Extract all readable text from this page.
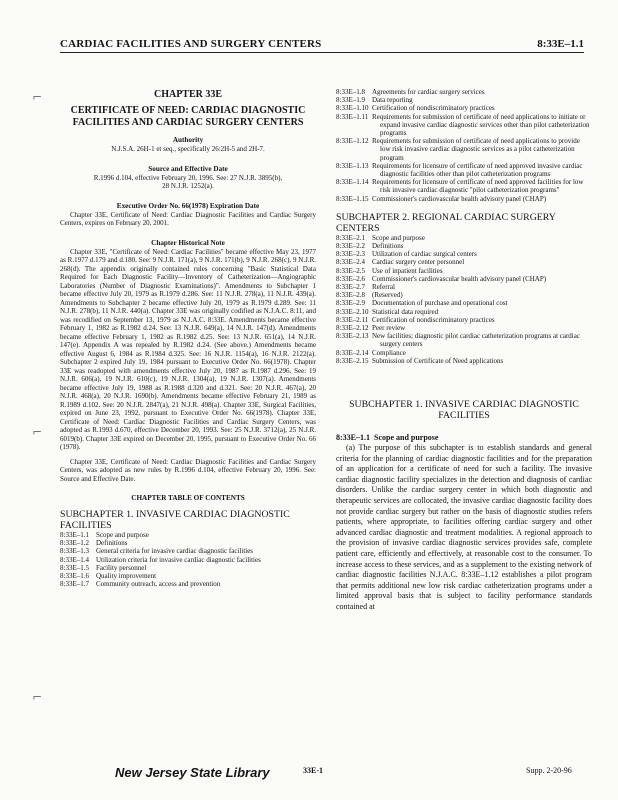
CARDIAC FACILITIES AND SURGERY CENTERS	8:33E–1.1
⌐
⌐
⌐

CHAPTER 33E

CERTIFICATE OF NEED: CARDIAC DIAGNOSTIC FACILITIES AND CARDIAC SURGERY CENTERS

Authority

N.J.S.A. 26H-1 et seq., specifically 26:2H-5 and 2H-7.

Source and Effective Date

R.1996 d.104, effective February 20, 1996. See: 27 N.J.R. 3895(b), 28 N.J.R. 1252(a).

Executive Order No. 66(1978) Expiration Date

Chapter 33E, Certificate of Need: Cardiac Diagnostic Facilities and Cardiac Surgery Centers, expires on February 20, 2001.

Chapter Historical Note

Chapter 33E, "Certificate of Need: Cardiac Facilities" became effective May 23, 1977 as R.1977 d.179 and d.180. See: 9 N.J.R. 171(a), 9 N.J.R. 171(b), 9 N.J.R. 268(c), 9 N.J.R. 268(d). The appendix originally contained rules concerning "Basic Statistical Data Required for Each Diagnostic Facility—Inventory of Catheterization—Angiographic Laboratories (Number of Diagnostic Examinations)". Amendments to Subchapter 1 became effective July 20, 1979 as R.1979 d.286. See: 11 N.J.R. 278(a), 11 N.J.R. 439(a). Amendments to Subchapter 2 became effective July 20, 1979 as R.1979 d.289. See: 11 N.J.R. 278(b), 11 N.J.R. 440(a). Chapter 33E was originally codified as N.J.A.C. 8:11, and was recodified on September 13, 1979 as N.J.A.C. 8:33E. Amendments became effective February 1, 1982 as R.1982 d.24. See: 13 N.J.R. 649(a), 14 N.J.R. 147(d). Amendments became effective February 1, 1982 as R.1982 d.25. See: 13 N.J.R. 651(a), 14 N.J.R. 147(e). Appendix A was repealed by R.1982 d.24. (See above.) Amendments became effective August 6, 1984 as R.1984 d.325. See: 16 N.J.R. 1154(a), 16 N.J.R. 2122(a). Subchapter 2 expired July 19, 1984 pursuant to Executive Order No. 66(1978). Chapter 33E was readopted with amendments effective July 20, 1987 as R.1987 d.296. See: 19 N.J.R. 606(a), 19 N.J.R. 610(c), 19 N.J.R. 1304(a), 19 N.J.R. 1307(a). Amendments became effective July 19, 1988 as R.1988 d.320 and d.321. See: 20 N.J.R. 467(a), 20 N.J.R. 468(a), 20 N.J.R. 1690(b). Amendments became effective February 21, 1989 as R.1989 d.102. See: 20 N.J.R. 2847(a), 21 N.J.R. 498(a). Chapter 33E, Surgical Facilities, expired on June 23, 1992, pursuant to Executive Order No. 66(1978). Chapter 33E, Certificate of Need: Cardiac Diagnostic Facilities and Cardiac Surgery Centers, was adopted as R.1993 d.670, effective December 20, 1993. See: 25 N.J.R. 3712(a), 25 N.J.R. 6019(b). Chapter 33E expired on December 20, 1995, pursuant to Executive Order No. 66 (1978).

Chapter 33E, Certificate of Need: Cardiac Diagnostic Facilities and Cardiac Surgery Centers, was adopted as new rules by R.1996 d.104, effective February 20, 1996. See: Source and Effective Date.

CHAPTER TABLE OF CONTENTS

SUBCHAPTER 1. INVASIVE CARDIAC DIAGNOSTIC FACILITIES

8:33E–1.1	Scope and purpose
8:33E–1.2	Definitions
8:33E–1.3	General criteria for invasive cardiac diagnostic facilities
8:33E–1.4	Utilization criteria for invasive cardiac diagnostic facilities
8:33E–1.5	Facility personnel
8:33E–1.6	Quality improvement
8:33E–1.7	Community outreach, access and prevention
8:33E–1.8	Agreements for cardiac surgery services
8:33E–1.9	Data reporting
8:33E–1.10 Certification of nondiscriminatory practices
8:33E–1.11 Requirements for submission of certificate of need applications to initiate or expand invasive cardiac diagnostic services other than pilot catheterization programs
8:33E–1.12 Requirements for submission of certificate of need applications to provide low risk invasive cardiac diagnostic services as a pilot catheterization program
8:33E–1.13 Requirements for licensure of certificate of need approved invasive cardiac diagnostic facilities other than pilot catheterization programs
8:33E–1.14 Requirements for licensure of certificate of need approved facilities for low risk invasive cardiac diagnostic "pilot catheterization programs"
8:33E–1.15 Commissioner's cardiovascular health advisory panel (CHAP)

SUBCHAPTER 2. REGIONAL CARDIAC SURGERY CENTERS

8:33E–2.1	Scope and purpose
8:33E–2.2	Definitions
8:33E–2.3	Utilization of cardiac surgical centers
8:33E–2.4	Cardiac surgery center personnel
8:33E–2.5	Use of inpatient facilities
8:33E–2.6	Commissioner's cardiovascular health advisory panel (CHAP)
8:33E–2.7	Referral
8:33E–2.8	(Reserved)
8:33E–2.9	Documentation of purchase and operational cost
8:33E–2.10 Statistical data required
8:33E–2.11 Certification of nondiscriminatory practices
8:33E–2.12 Peer review
8:33E–2.13 New facilities; diagnostic pilot cardiac catheterization programs at cardiac surgery centers
8:33E–2.14 Compliance
8:33E–2.15 Submission of Certificate of Need applications

SUBCHAPTER 1. INVASIVE CARDIAC DIAGNOSTIC FACILITIES

8:33E–1.1 Scope and purpose

(a) The purpose of this subchapter is to establish standards and general criteria for the planning of cardiac diagnostic facilities and for the preparation of an application for a certificate of need for such a facility. The invasive cardiac diagnostic facility specializes in the detection and diagnosis of cardiac disorders. Unlike the cardiac surgery center in which both diagnostic and therapeutic services are collocated, the invasive cardiac diagnostic facility does not provide cardiac surgery but rather on the basis of diagnostic studies refers patients, where appropriate, to facilities offering cardiac surgery and other advanced cardiac diagnostic and treatment modalities. A regional approach to the provision of invasive cardiac diagnostic services provides safe, complete patient care, efficiently and effectively, at reasonable cost to the consumer. To increase access to these services, and as a supplement to the existing network of cardiac diagnostic facilities N.J.A.C. 8:33E–1.12 establishes a pilot program that permits additional new low risk cardiac catheterization programs under a limited approval basis that is subject to facility performance standards contained at

New Jersey State Library	33E-1	Supp. 2-20-96
